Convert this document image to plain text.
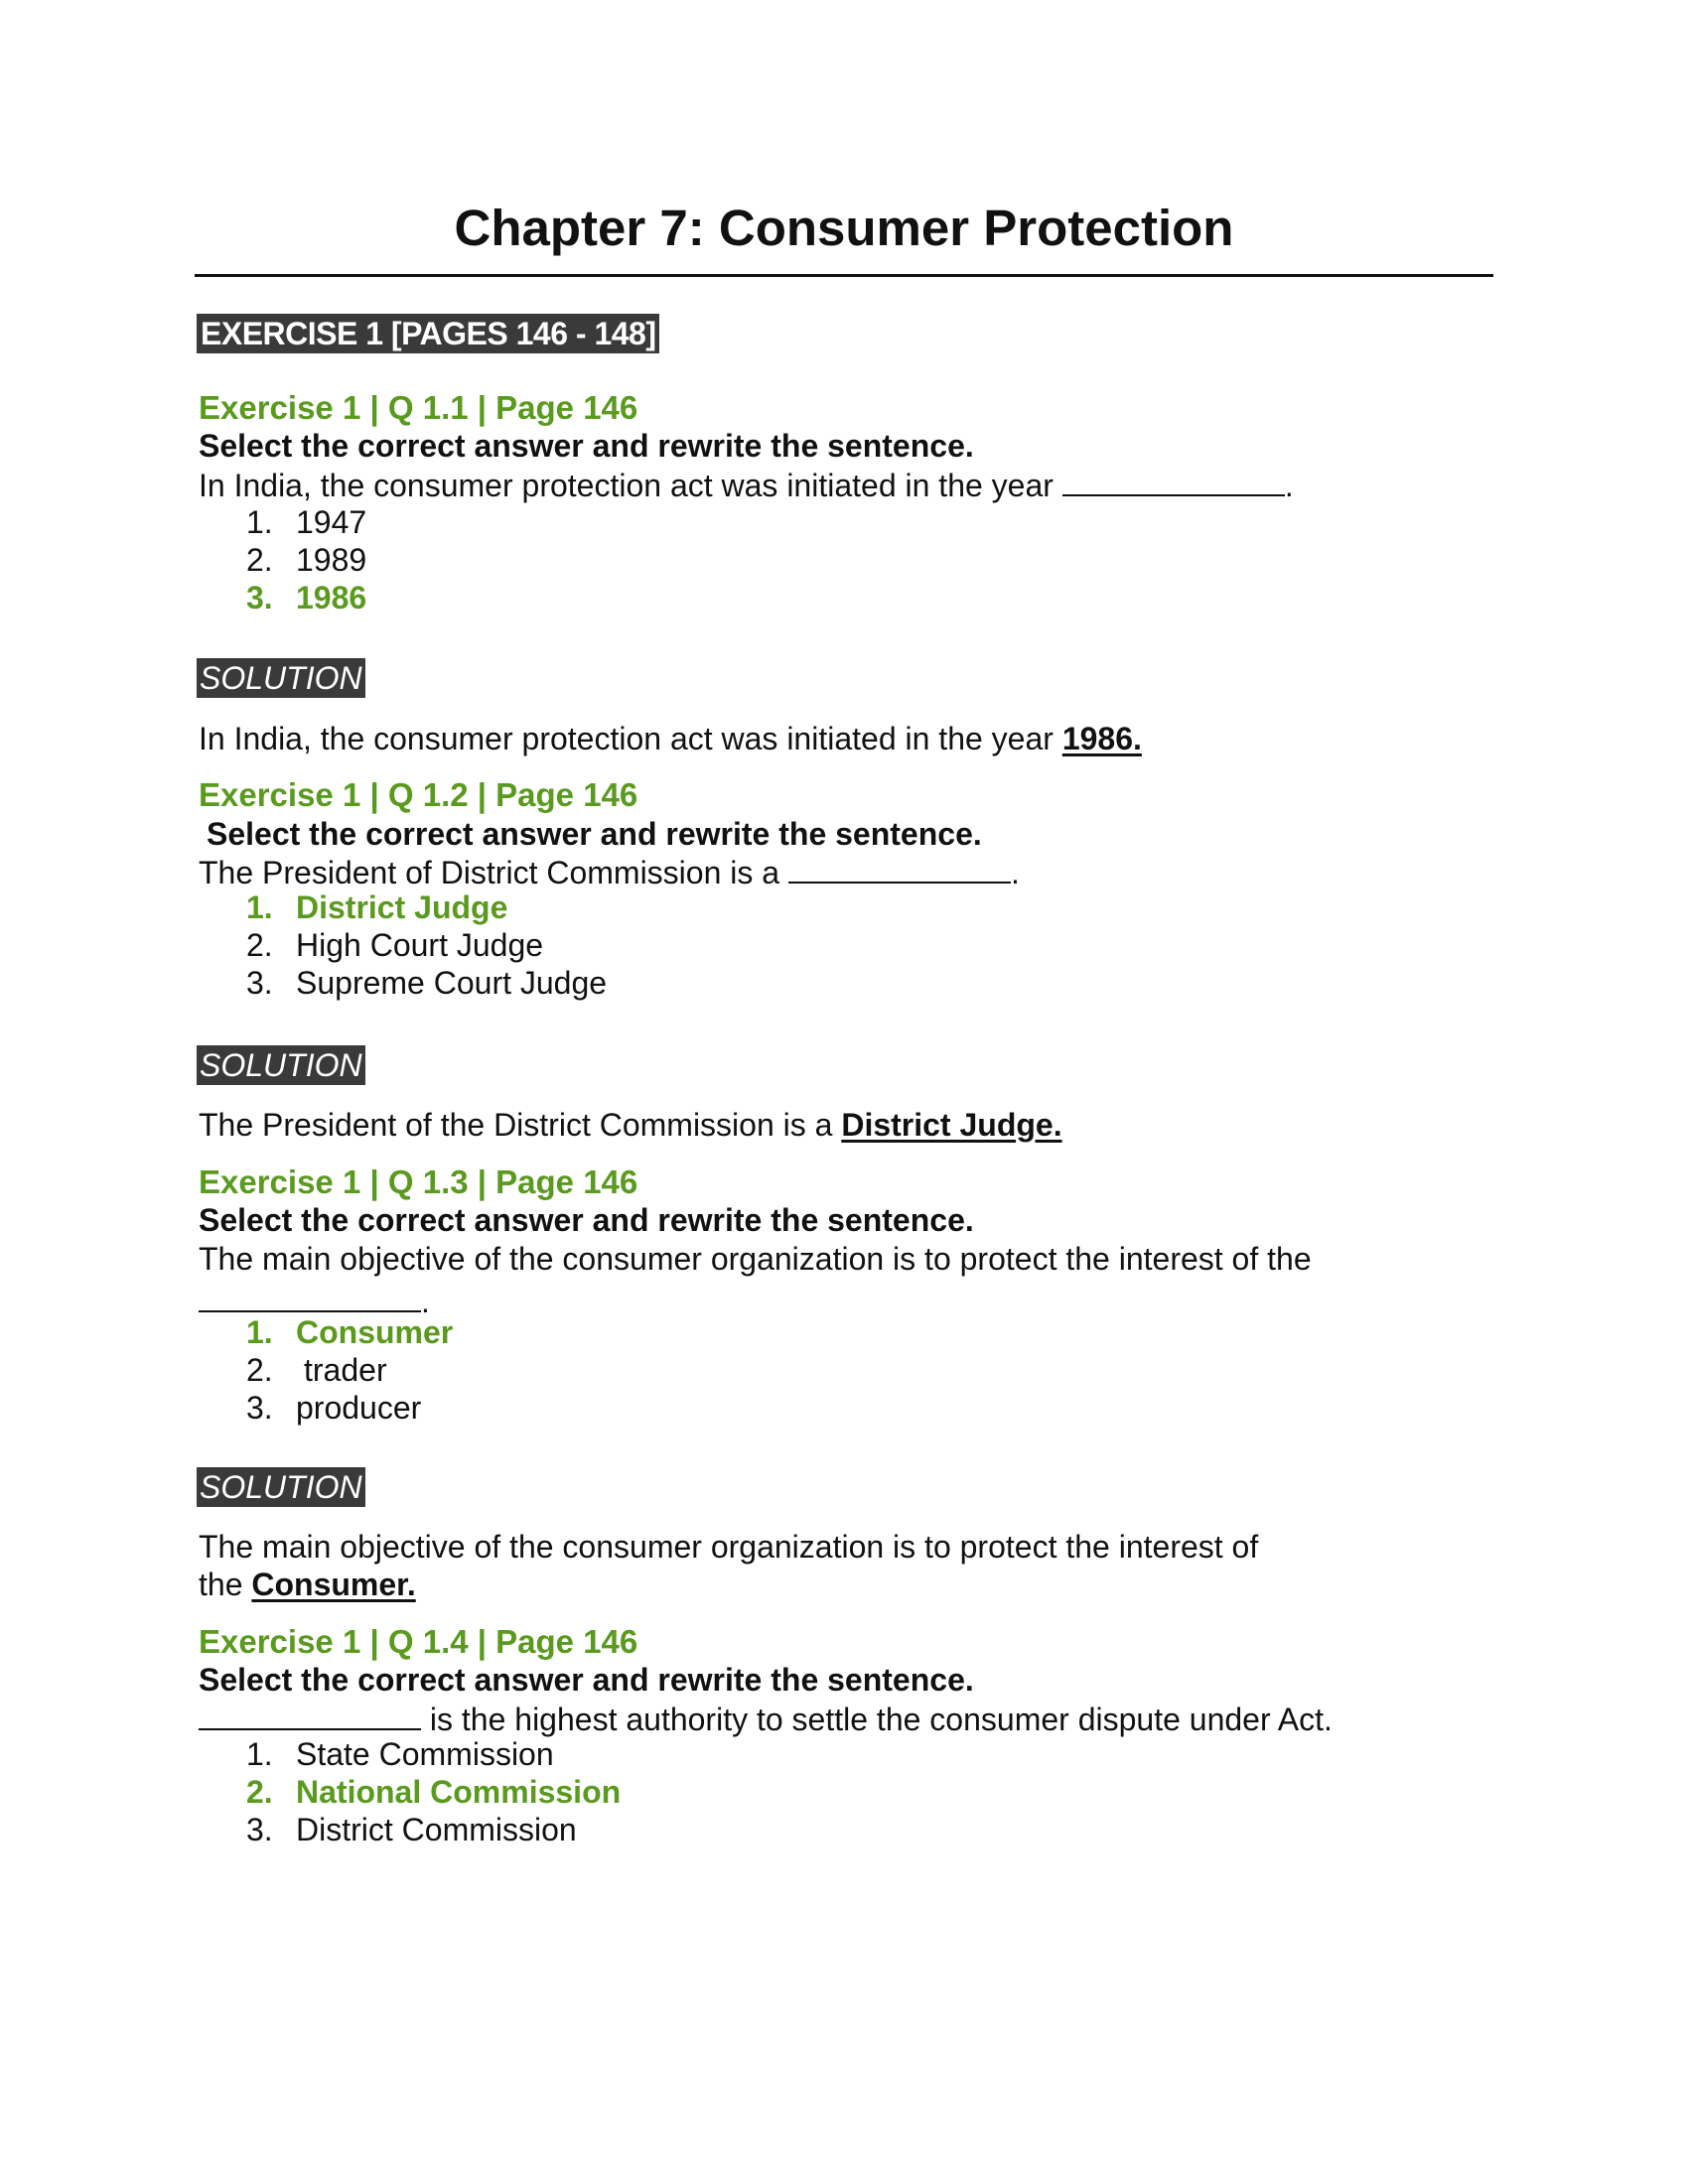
Chapter 7: Consumer Protection
EXERCISE 1 [PAGES 146 - 148]
Exercise 1 | Q 1.1 | Page 146
Select the correct answer and rewrite the sentence.
In India, the consumer protection act was initiated in the year	.
1. 1947
2. 1989
3. 1986
SOLUTION
In India, the consumer protection act was initiated in the year 1986.
Exercise 1 | Q 1.2 | Page 146
Select the correct answer and rewrite the sentence.
The President of District Commission is a	.
1. District Judge
2. High Court Judge
3. Supreme Court Judge
SOLUTION
The President of the District Commission is a District Judge.
Exercise 1 | Q 1.3 | Page 146
Select the correct answer and rewrite the sentence.
The main objective of the consumer organization is to protect the interest of the
.
1. Consumer
2. trader
3. producer
SOLUTION
The main objective of the consumer organization is to protect the interest of
the Consumer.
Exercise 1 | Q 1.4 | Page 146
Select the correct answer and rewrite the sentence.
is the highest authority to settle the consumer dispute under Act.
1. State Commission
2. National Commission
3. District Commission
